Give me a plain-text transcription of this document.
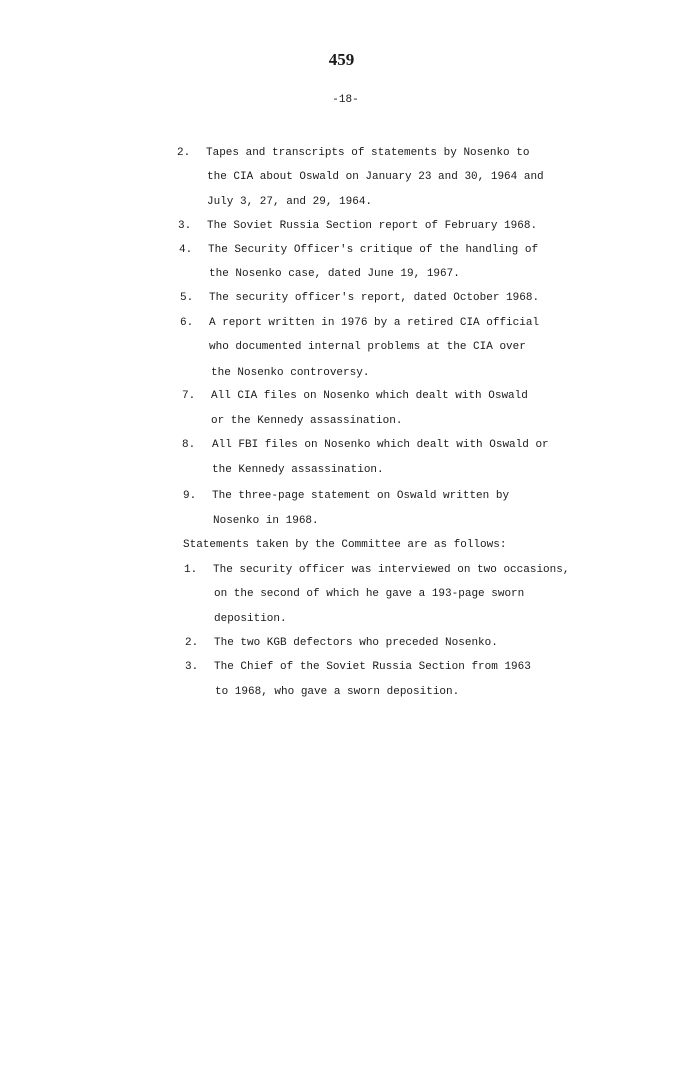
459
-18-
2. Tapes and transcripts of statements by Nosenko to
the CIA about Oswald on January 23 and 30, 1964 and
July 3, 27, and 29, 1964.
3. The Soviet Russia Section report of February 1968.
4. The Security Officer's critique of the handling of
the Nosenko case, dated June 19, 1967.
5. The security officer's report, dated October 1968.
6. A report written in 1976 by a retired CIA official
who documented internal problems at the CIA over
the Nosenko controversy.
7. All CIA files on Nosenko which dealt with Oswald
or the Kennedy assassination.
8. All FBI files on Nosenko which dealt with Oswald or
the Kennedy assassination.
9. The three-page statement on Oswald written by
Nosenko in 1968.
Statements taken by the Committee are as follows:
1. The security officer was interviewed on two occasions,
on the second of which he gave a 193-page sworn
deposition.
2. The two KGB defectors who preceded Nosenko.
3. The Chief of the Soviet Russia Section from 1963
to 1968, who gave a sworn deposition.
